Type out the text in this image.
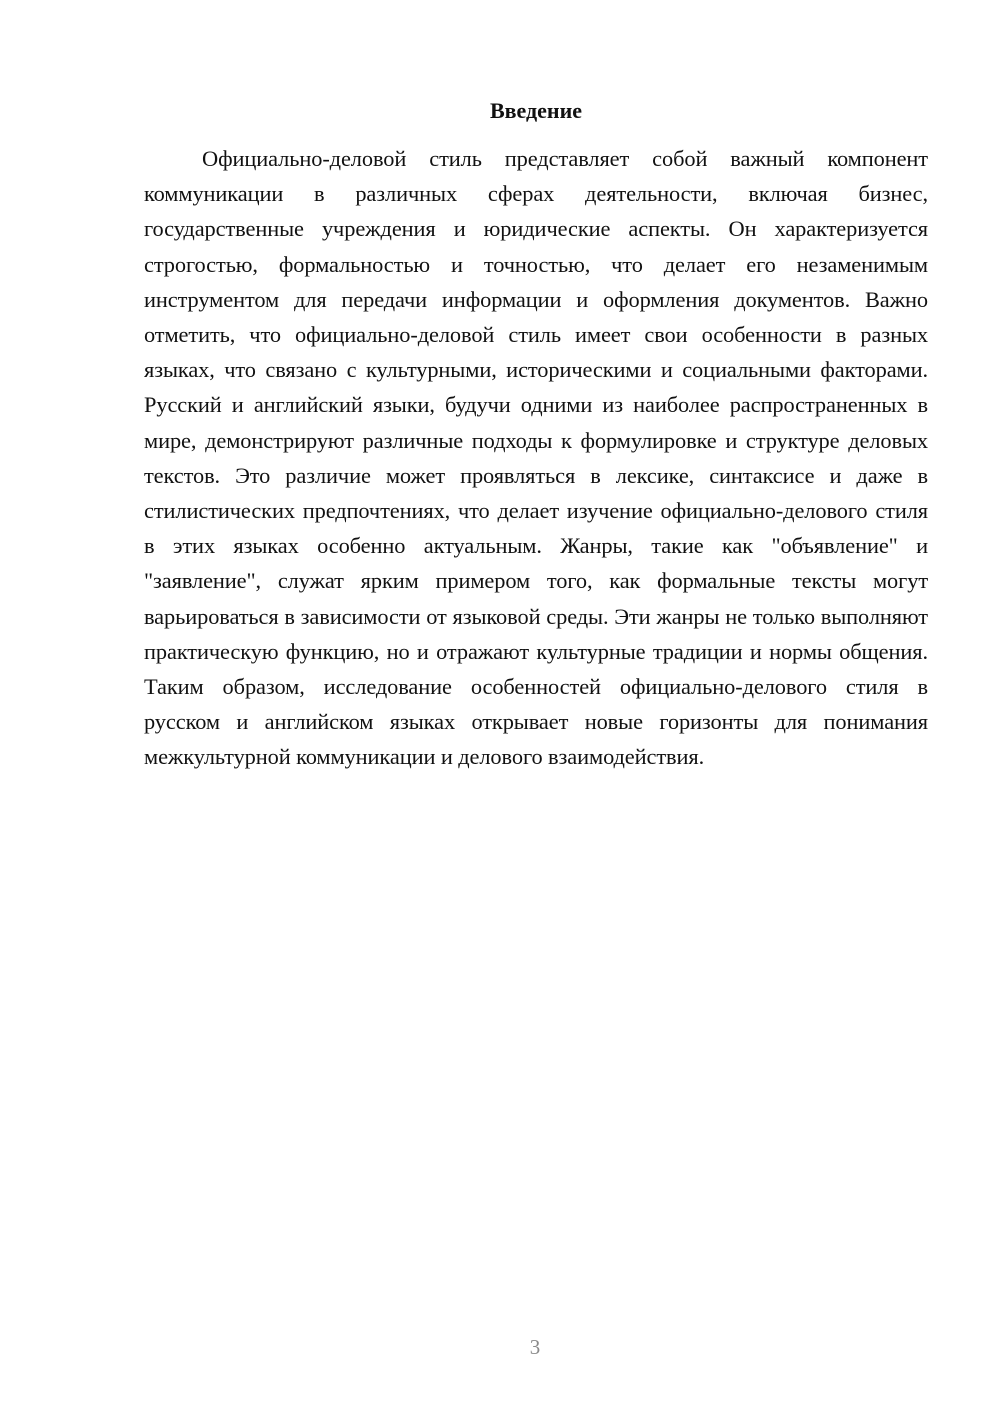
Введение

Официально-деловой стиль представляет собой важный компонент коммуникации в различных сферах деятельности, включая бизнес, государственные учреждения и юридические аспекты. Он характеризуется строгостью, формальностью и точностью, что делает его незаменимым инструментом для передачи информации и оформления документов. Важно отметить, что официально-деловой стиль имеет свои особенности в разных языках, что связано с культурными, историческими и социальными факторами. Русский и английский языки, будучи одними из наиболее распространенных в мире, демонстрируют различные подходы к формулировке и структуре деловых текстов. Это различие может проявляться в лексике, синтаксисе и даже в стилистических предпочтениях, что делает изучение официально-делового стиля в этих языках особенно актуальным. Жанры, такие как "объявление" и "заявление", служат ярким примером того, как формальные тексты могут варьироваться в зависимости от языковой среды. Эти жанры не только выполняют практическую функцию, но и отражают культурные традиции и нормы общения. Таким образом, исследование особенностей официально-делового стиля в русском и английском языках открывает новые горизонты для понимания межкультурной коммуникации и делового взаимодействия.

3
